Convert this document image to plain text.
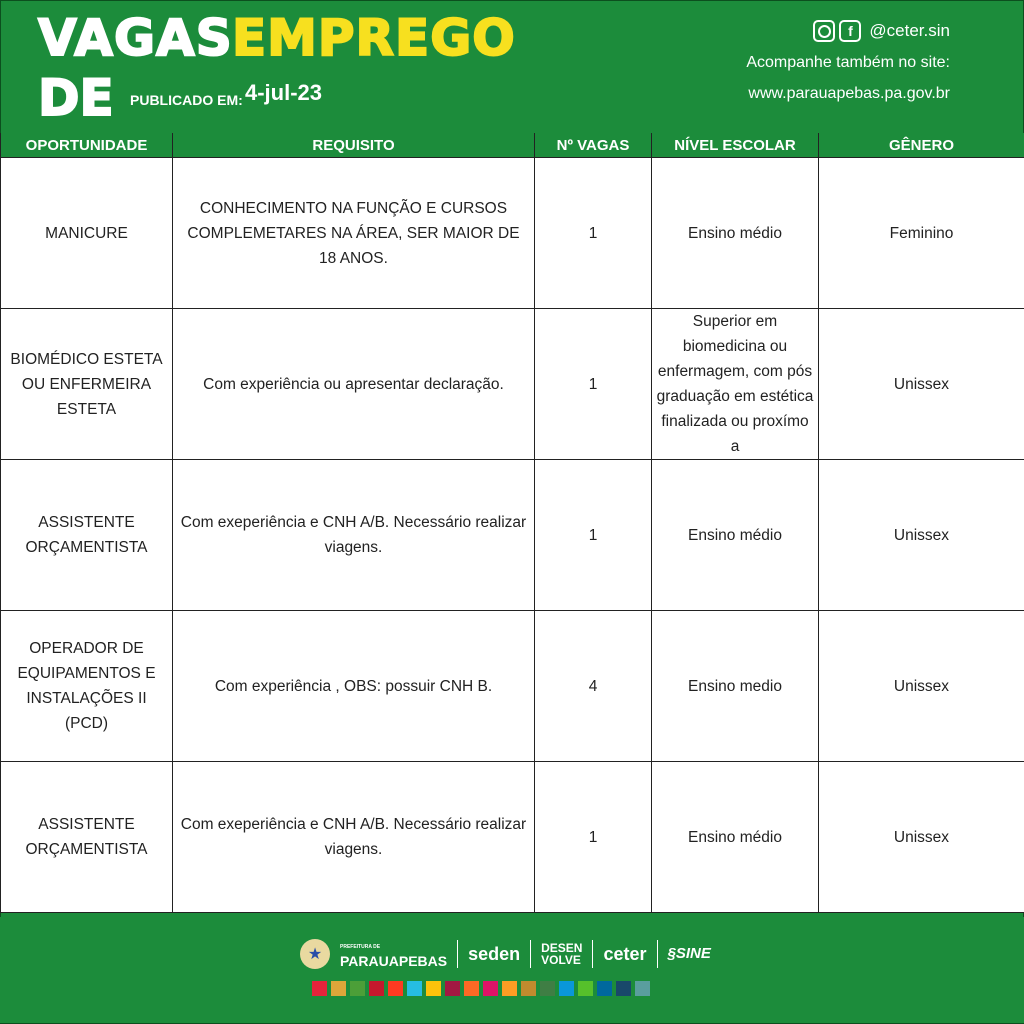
VAGAS EMPREGO
DE PUBLICADO EM: 4-jul-23
f @ceter.sin
Acompanhe também no site:
www.parauapebas.pa.gov.br
OPORTUNIDADE	REQUISITO	Nº VAGAS	NÍVEL ESCOLAR	GÊNERO
MANICURE	CONHECIMENTO NA FUNÇÃO E CURSOS COMPLEMETARES NA ÁREA, SER MAIOR DE 18 ANOS.	1	Ensino médio	Feminino
BIOMÉDICO ESTETA OU ENFERMEIRA ESTETA	Com experiência ou apresentar declaração.	1	Superior em biomedicina ou enfermagem, com pós graduação em estética finalizada ou proxímo a	Unissex
ASSISTENTE ORÇAMENTISTA	Com exeperiência e CNH A/B. Necessário realizar viagens.	1	Ensino médio	Unissex
OPERADOR DE EQUIPAMENTOS E INSTALAÇÕES II (PCD)	Com experiência , OBS: possuir CNH B.	4	Ensino medio	Unissex
ASSISTENTE ORÇAMENTISTA	Com exeperiência e CNH A/B. Necessário realizar viagens.	1	Ensino médio	Unissex
★	PREFEITURA DE
PARAUAPEBAS seden DESEN
VOLVE ceter §SINE
